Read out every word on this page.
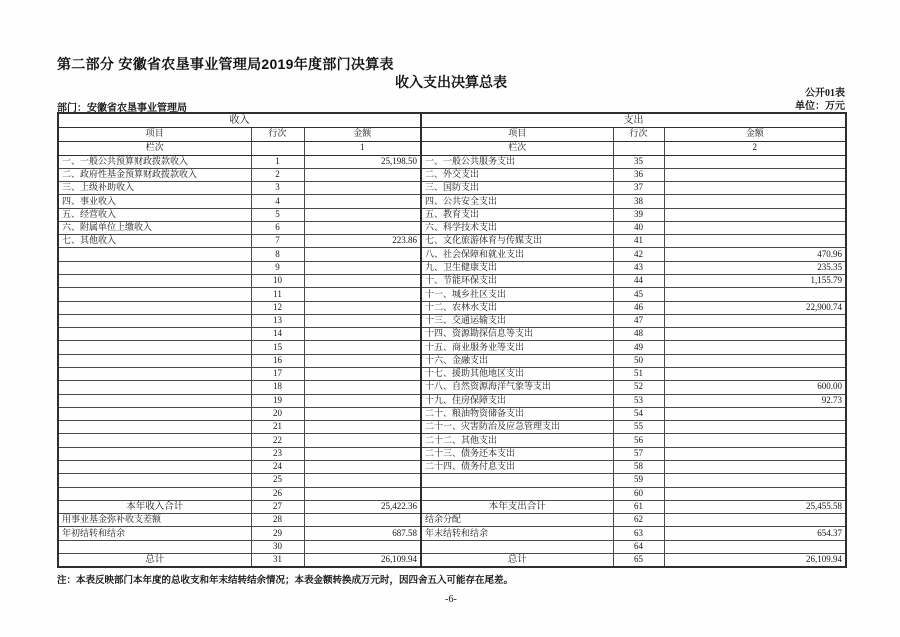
第二部分 安徽省农垦事业管理局2019年度部门决算表
收入支出决算总表
公开01表
部门：安徽省农垦事业管理局	单位：万元
收入			支出		
项目	行次	金额	项目	行次	金额
栏次		1	栏次		2
一、一般公共预算财政拨款收入	1	25,198.50	一、一般公共服务支出	35	
二、政府性基金预算财政拨款收入	2		二、外交支出	36	
三、上级补助收入	3		三、国防支出	37	
四、事业收入	4		四、公共安全支出	38	
五、经营收入	5		五、教育支出	39	
六、附属单位上缴收入	6		六、科学技术支出	40	
七、其他收入	7	223.86	七、文化旅游体育与传媒支出	41	
	8		八、社会保障和就业支出	42	470.96
	9		九、卫生健康支出	43	235.35
	10		十、节能环保支出	44	1,155.79
	11		十一、城乡社区支出	45	
	12		十二、农林水支出	46	22,900.74
	13		十三、交通运输支出	47	
	14		十四、资源勘探信息等支出	48	
	15		十五、商业服务业等支出	49	
	16		十六、金融支出	50	
	17		十七、援助其他地区支出	51	
	18		十八、自然资源海洋气象等支出	52	600.00
	19		十九、住房保障支出	53	92.73
	20		二十、粮油物资储备支出	54	
	21		二十一、灾害防治及应急管理支出	55	
	22		二十二、其他支出	56	
	23		二十三、债务还本支出	57	
	24		二十四、债务付息支出	58	
	25			59	
	26			60	
本年收入合计	27	25,422.36	本年支出合计	61	25,455.58
用事业基金弥补收支差额	28		结余分配	62	
年初结转和结余	29	687.58	年末结转和结余	63	654.37
	30			64	
总计	31	26,109.94	总计	65	26,109.94
注：本表反映部门本年度的总收支和年末结转结余情况；本表金额转换成万元时，因四舍五入可能存在尾差。
-6-
